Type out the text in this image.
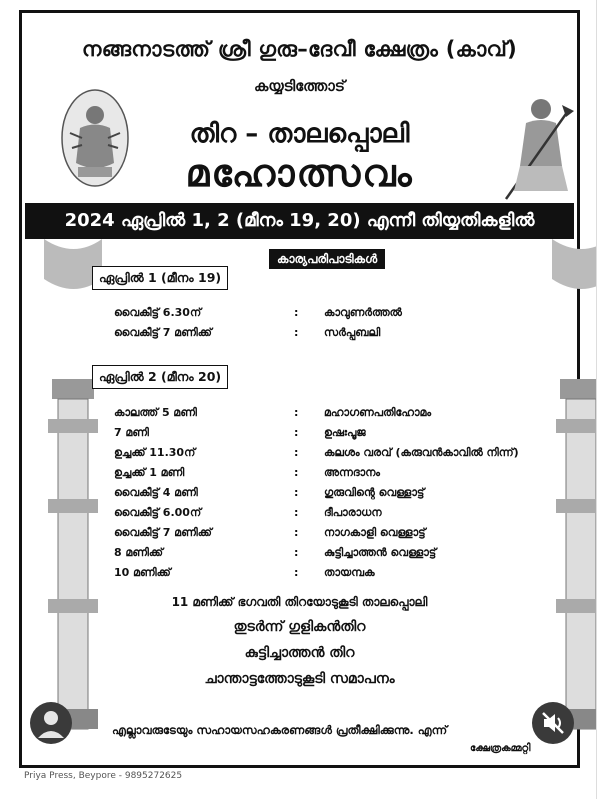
നങ്ങനാടത്ത് ശ്രീ ഗുരു–ദേവീ ക്ഷേത്രം (കാവ്)
കയ്യടിത്തോട്
തിറ – താലപ്പൊലി
മഹോത്സവം
2024 ഏപ്രിൽ 1, 2 (മീനം 19, 20) എന്നീ തിയ്യതികളിൽ
കാര്യപരിപാടികൾ
ഏപ്രിൽ 1 (മീനം 19)
വൈകീട്ട് 6.30ന്	: കാവുണർത്തൽ
വൈകീട്ട് 7 മണിക്ക്	: സർപ്പബലി
ഏപ്രിൽ 2 (മീനം 20)
കാലത്ത് 5 മണി	: മഹാഗണപതിഹോമം
7 മണി	: ഉഷഃപൂജ
ഉച്ചക്ക് 11.30ന്	: കലശം വരവ് (കരുവൻകാവിൽ നിന്ന്)
ഉച്ചക്ക് 1 മണി	: അന്നദാനം
വൈകീട്ട് 4 മണി	: ഗുരുവിന്റെ വെള്ളാട്ട്
വൈകീട്ട് 6.00ന്	: ദീപാരാധന
വൈകീട്ട് 7 മണിക്ക്	: നാഗകാളി വെള്ളാട്ട്
8 മണിക്ക്	: കുട്ടിച്ചാത്തൻ വെള്ളാട്ട്
10 മണിക്ക്	: തായമ്പക
11 മണിക്ക് ഭഗവതി തിറയോടുകൂടി താലപ്പൊലി
തുടർന്ന് ഗുളികൻതിറ
കുട്ടിച്ചാത്തൻ തിറ
ചാന്താട്ടത്തോടുകൂടി സമാപനം
എല്ലാവരുടേയും സഹായസഹകരണങ്ങൾ പ്രതീക്ഷിക്കുന്നു. എന്ന്
ക്ഷേത്രകമ്മറ്റി
Priya Press, Beypore - 9895272625
